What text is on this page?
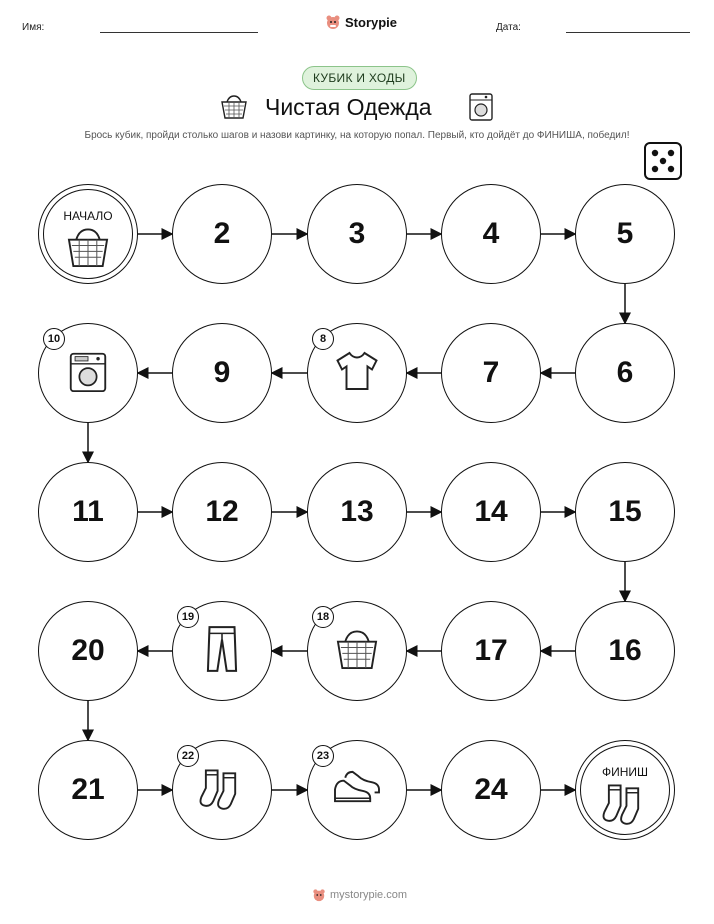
Имя:	Storypie	Дата:
КУБИК И ХОДЫ
Чистая Одежда
Брось кубик, пройди столько шагов и назови картинку, на которую попал. Первый, кто дойдёт до ФИНИША, победил!
НАЧАЛО
2	3	4	5
6
7
8
9
10
11	12	13	14	15
16
17
18
19
20
21
22	23
24
ФИНИШ
mystorypie.com
